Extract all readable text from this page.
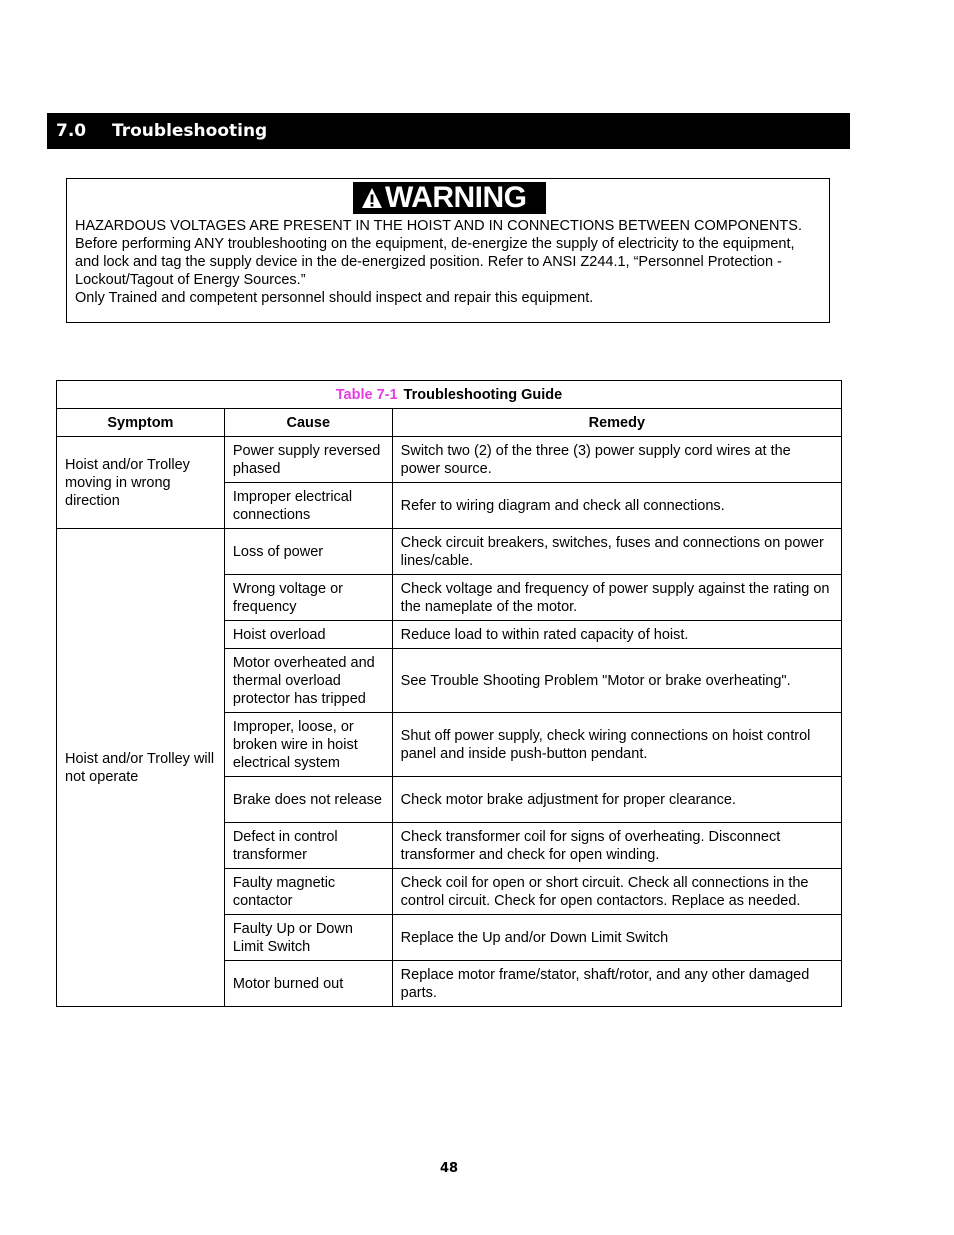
7.0	Troubleshooting
WARNING

HAZARDOUS VOLTAGES ARE PRESENT IN THE HOIST AND IN CONNECTIONS BETWEEN COMPONENTS.

Before performing ANY troubleshooting on the equipment, de-energize the supply of electricity to the equipment, and lock and tag the supply device in the de-energized position. Refer to ANSI Z244.1, “Personnel Protection - Lockout/Tagout of Energy Sources.”

Only Trained and competent personnel should inspect and repair this equipment.

Table 7-1 Troubleshooting Guide		
Symptom	Cause	Remedy
Hoist and/or Trolley moving in wrong direction	Power supply reversed phased	Switch two (2) of the three (3) power supply cord wires at the power source.
	Improper electrical connections	Refer to wiring diagram and check all connections.
Hoist and/or Trolley will not operate	Loss of power	Check circuit breakers, switches, fuses and connections on power lines/cable.
	Wrong voltage or frequency	Check voltage and frequency of power supply against the rating on the nameplate of the motor.
	Hoist overload	Reduce load to within rated capacity of hoist.
	Motor overheated and thermal overload protector has tripped	See Trouble Shooting Problem "Motor or brake overheating".
	Improper, loose, or broken wire in hoist electrical system	Shut off power supply, check wiring connections on hoist control panel and inside push-button pendant.
	Brake does not release	Check motor brake adjustment for proper clearance.
	Defect in control transformer	Check transformer coil for signs of overheating. Disconnect transformer and check for open winding.
	Faulty magnetic contactor	Check coil for open or short circuit. Check all connections in the control circuit. Check for open contactors. Replace as needed.
	Faulty Up or Down Limit Switch	Replace the Up and/or Down Limit Switch
	Motor burned out	Replace motor frame/stator, shaft/rotor, and any other damaged parts.
48
